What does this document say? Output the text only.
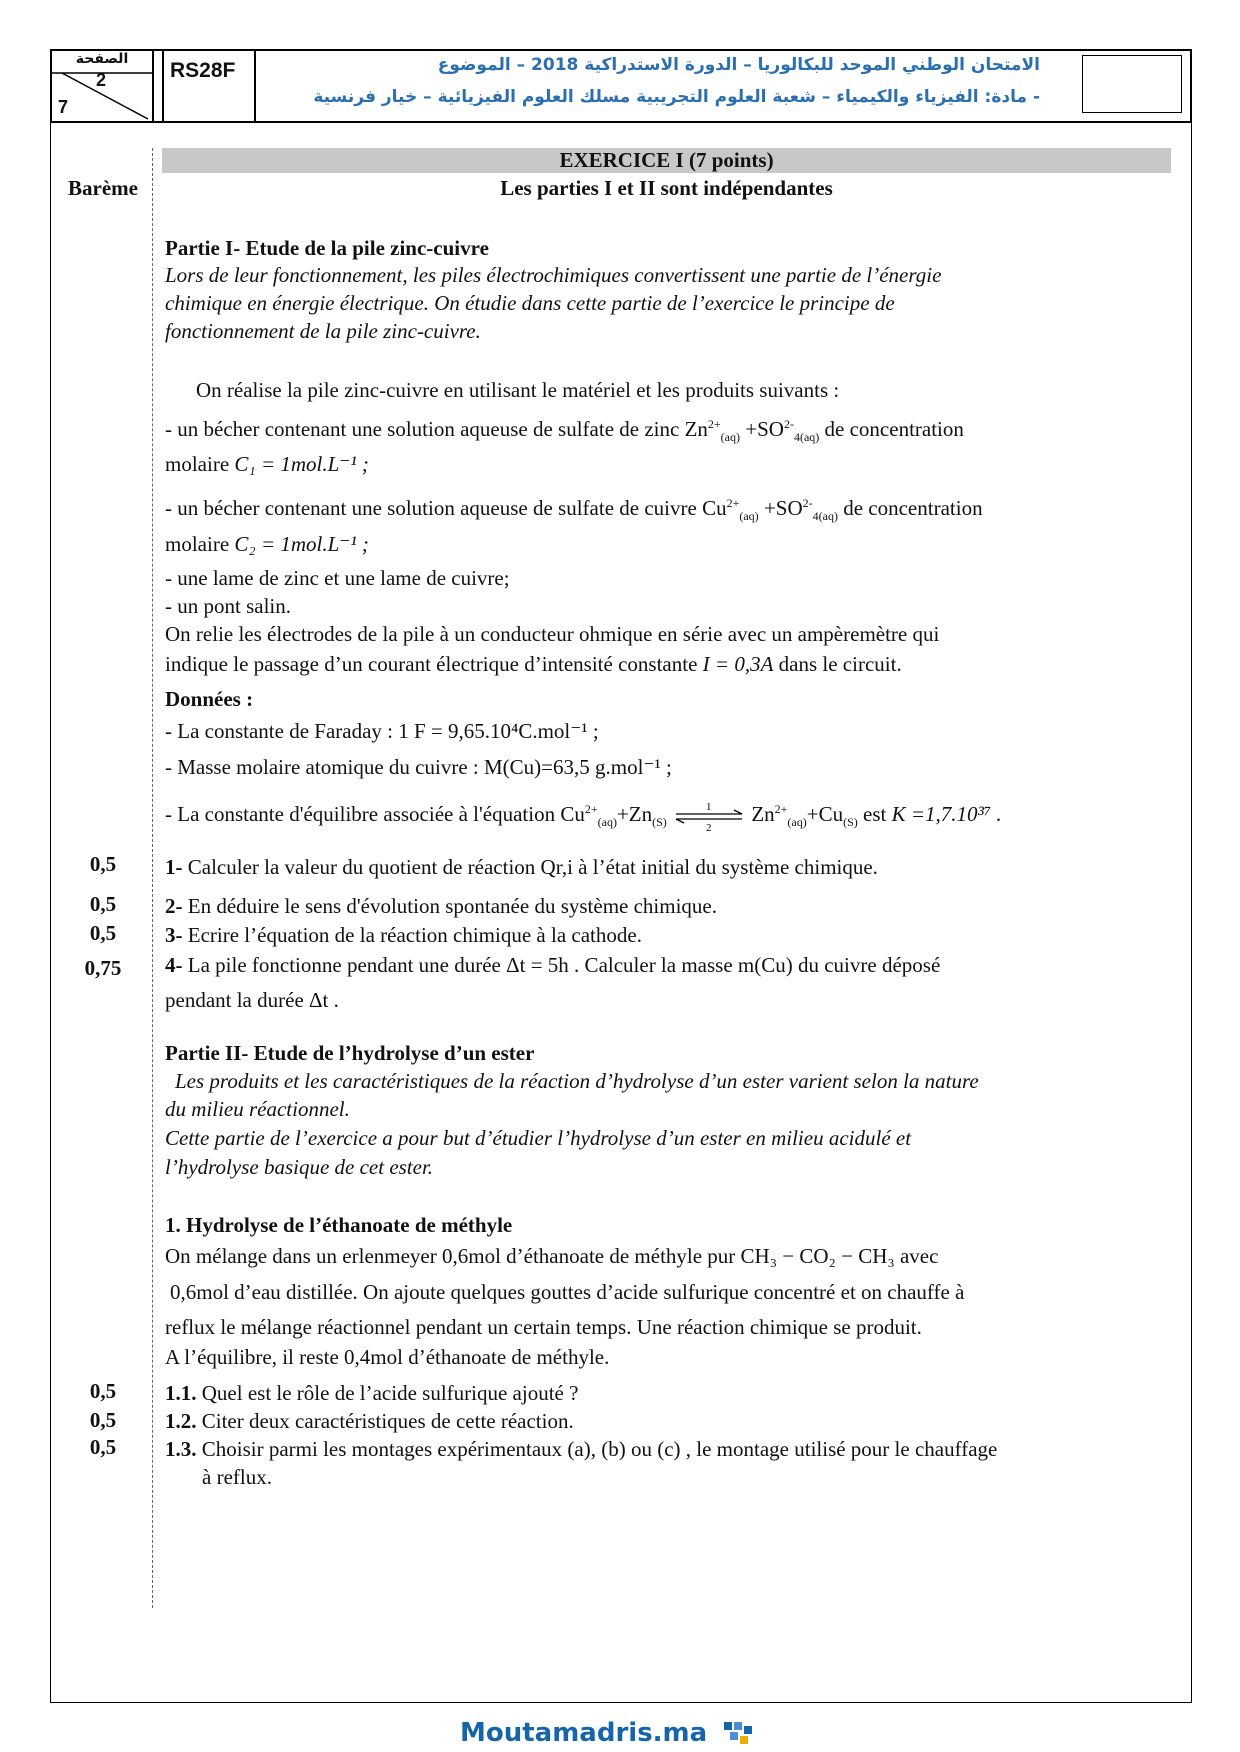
الصفحة
2
7
RS28F	الامتحان الوطني الموحد للبكالوريا – الدورة الاستدراكية 2018 – الموضوع
- مادة: الفيزياء والكيمياء – شعبة العلوم التجريبية مسلك العلوم الفيزيائية – خيار فرنسية
EXERCICE I (7 points)
Les parties I et II sont indépendantes
Barème
Partie I- Etude de la pile zinc-cuivre
Lors de leur fonctionnement, les piles électrochimiques convertissent une partie de l’énergie
chimique en énergie électrique. On étudie dans cette partie de l’exercice le principe de
fonctionnement de la pile zinc-cuivre.
On réalise la pile zinc-cuivre en utilisant le matériel et les produits suivants :
- un bécher contenant une solution aqueuse de sulfate de zinc $Zn^{2+}_{(aq)} +SO^{2-}_{4(aq)}$ de concentration
molaire C₁ = 1mol.L⁻¹ ;
- un bécher contenant une solution aqueuse de sulfate de cuivre $Cu^{2+}_{(aq)} +SO^{2-}_{4(aq)}$ de concentration
molaire C₂ = 1mol.L⁻¹ ;
- une lame de zinc et une lame de cuivre;
- un pont salin.
On relie les électrodes de la pile à un conducteur ohmique en série avec un ampèremètre qui
indique le passage d’un courant électrique d’intensité constante I = 0,3A dans le circuit.
Données :
- La constante de Faraday : 1 F = 9,65.10⁴C.mol⁻¹ ;
- Masse molaire atomique du cuivre : M(Cu)=63,5 g.mol⁻¹ ;
- La constante d'équilibre associée à l'équation $Cu^{2+}_{(aq)}+Zn_{(S)}$
1
2
$Zn^{2+}_{(aq)}+Cu_{(S)}$ est K =1,7.10³⁷ .
0,5	1- Calculer la valeur du quotient de réaction Qr,i à l’état initial du système chimique.
0,5	2- En déduire le sens d'évolution spontanée du système chimique.
0,5	3- Ecrire l’équation de la réaction chimique à la cathode.
0,75	4- La pile fonctionne pendant une durée Δt = 5h . Calculer la masse m(Cu) du cuivre déposé
pendant la durée Δt .
Partie II- Etude de l’hydrolyse d’un ester
Les produits et les caractéristiques de la réaction d’hydrolyse d’un ester varient selon la nature
du milieu réactionnel.
Cette partie de l’exercice a pour but d’étudier l’hydrolyse d’un ester en milieu acidulé et
l’hydrolyse basique de cet ester.
1. Hydrolyse de l’éthanoate de méthyle
On mélange dans un erlenmeyer 0,6mol d’éthanoate de méthyle pur CH₃ − CO₂ − CH₃ avec
0,6mol d’eau distillée. On ajoute quelques gouttes d’acide sulfurique concentré et on chauffe à
reflux le mélange réactionnel pendant un certain temps. Une réaction chimique se produit.
A l’équilibre, il reste 0,4mol d’éthanoate de méthyle.
0,5	1.1. Quel est le rôle de l’acide sulfurique ajouté ?
0,5	1.2. Citer deux caractéristiques de cette réaction.
0,5	1.3. Choisir parmi les montages expérimentaux (a), (b) ou (c) , le montage utilisé pour le chauffage
à reflux.
Moutamadris.ma
